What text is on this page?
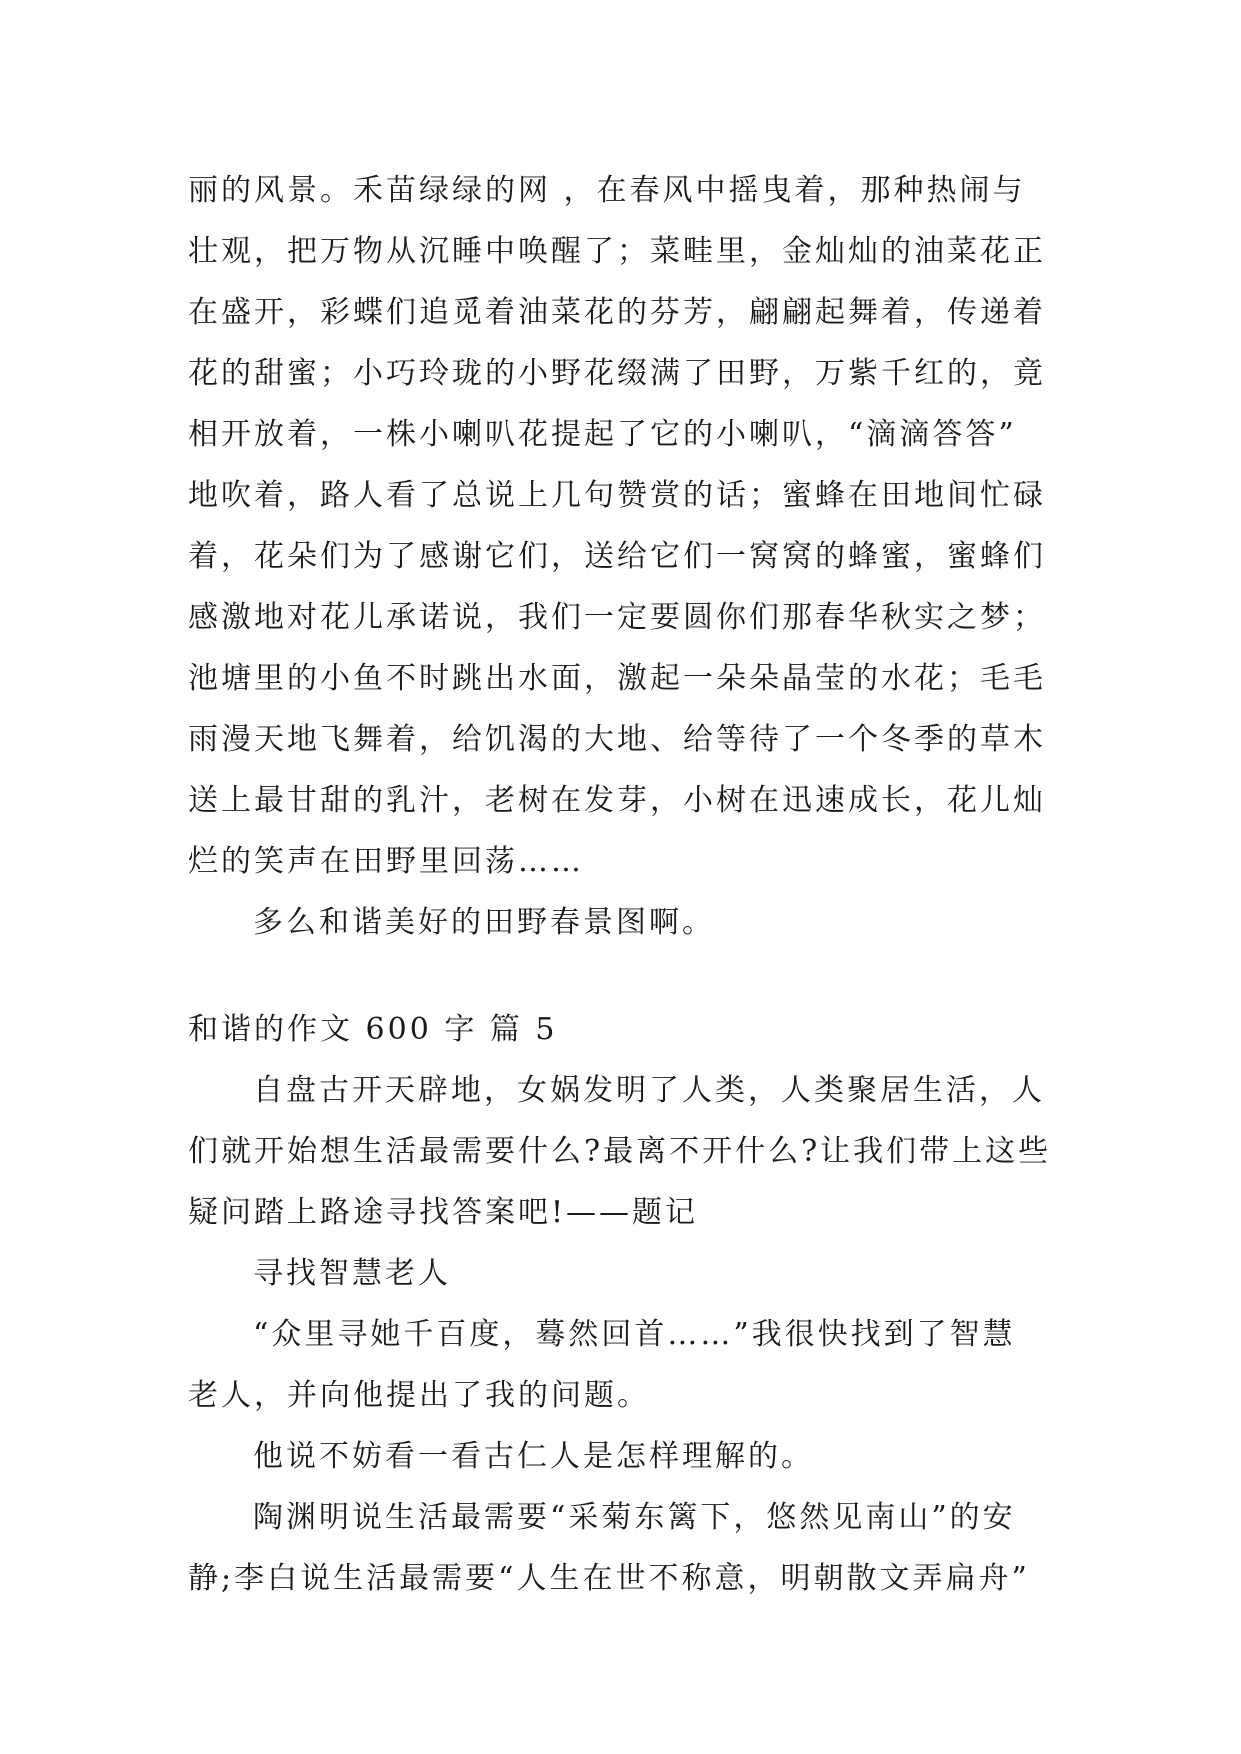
丽的风景。禾苗绿绿的网 ，在春风中摇曳着，那种热闹与
壮观，把万物从沉睡中唤醒了；菜畦里，金灿灿的油菜花正
在盛开，彩蝶们追觅着油菜花的芬芳，翩翩起舞着，传递着
花的甜蜜；小巧玲珑的小野花缀满了田野，万紫千红的，竟
相开放着，一株小喇叭花提起了它的小喇叭，“滴滴答答”
地吹着，路人看了总说上几句赞赏的话；蜜蜂在田地间忙碌
着，花朵们为了感谢它们，送给它们一窝窝的蜂蜜，蜜蜂们
感激地对花儿承诺说，我们一定要圆你们那春华秋实之梦；
池塘里的小鱼不时跳出水面，激起一朵朵晶莹的水花；毛毛
雨漫天地飞舞着，给饥渴的大地、给等待了一个冬季的草木
送上最甘甜的乳汁，老树在发芽，小树在迅速成长，花儿灿
烂的笑声在田野里回荡……
多么和谐美好的田野春景图啊。
和谐的作文 600 字 篇 5
自盘古开天辟地，女娲发明了人类，人类聚居生活，人
们就开始想生活最需要什么?最离不开什么?让我们带上这些
疑问踏上路途寻找答案吧!——题记
寻找智慧老人
“众里寻她千百度，蓦然回首……”我很快找到了智慧
老人，并向他提出了我的问题。
他说不妨看一看古仁人是怎样理解的。
陶渊明说生活最需要“采菊东篱下，悠然见南山”的安
静;李白说生活最需要“人生在世不称意，明朝散文弄扁舟”
